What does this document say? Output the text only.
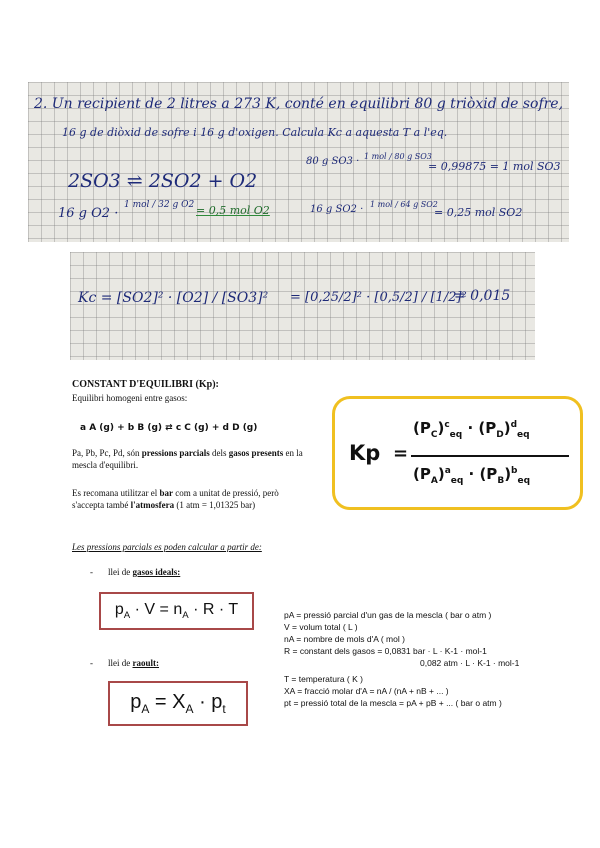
2. Un recipient de 2 litres a 273 K, conté en equilibri 80 g triòxid de sofre,
16 g de diòxid de sofre i 16 g d'oxigen. Calcula Kc a aquesta T a l'eq.
2SO3 ⇌ 2SO2 + O2
80 g SO3 · 1 mol / 80 g SO3
= 0,99875 = 1 mol SO3
16 g O2 ·
1 mol / 32 g O2 = 0,5 mol O2	16 g SO2 · 1 mol / 64 g SO2
= 0,25 mol SO2
Kc = [SO2]² · [O2] / [SO3]² = [0,25/2]² · [0,5/2] / [1/2]²
= 0,015
CONSTANT D'EQUILIBRI (Kp):
Equilibri homogeni entre gasos:
a A (g) + b B (g) ⇄ c C (g) + d D (g)
Pa, Pb, Pc, Pd, són pressions parcials dels gasos presents en la mescla d'equilibri.
Es recomana utilitzar el bar com a unitat de pressió, però s'accepta també l'atmosfera (1 atm = 1,01325 bar)
Les pressions parcials es poden calcular a partir de:
- llei de gasos ideals:
- llei de raoult:
Kp =
$(P_C)^c_{eq} \cdot (P_D)^d_{eq}$
$(P_A)^a_{eq} \cdot (P_B)^b_{eq}$
$p_A \cdot V = n_A \cdot R \cdot T$
$p_A = X_A \cdot p_t$
pA = pressió parcial d'un gas de la mescla ( bar o atm )
V = volum total ( L )
nA = nombre de mols d'A ( mol )
R = constant dels gasos = 0,0831 bar · L · K-1 · mol-1
0,082 atm · L · K-1 · mol-1
T = temperatura ( K )
XA = fracció molar d'A = nA / (nA + nB + ... )
pt = pressió total de la mescla = pA + pB + ... ( bar o atm )
